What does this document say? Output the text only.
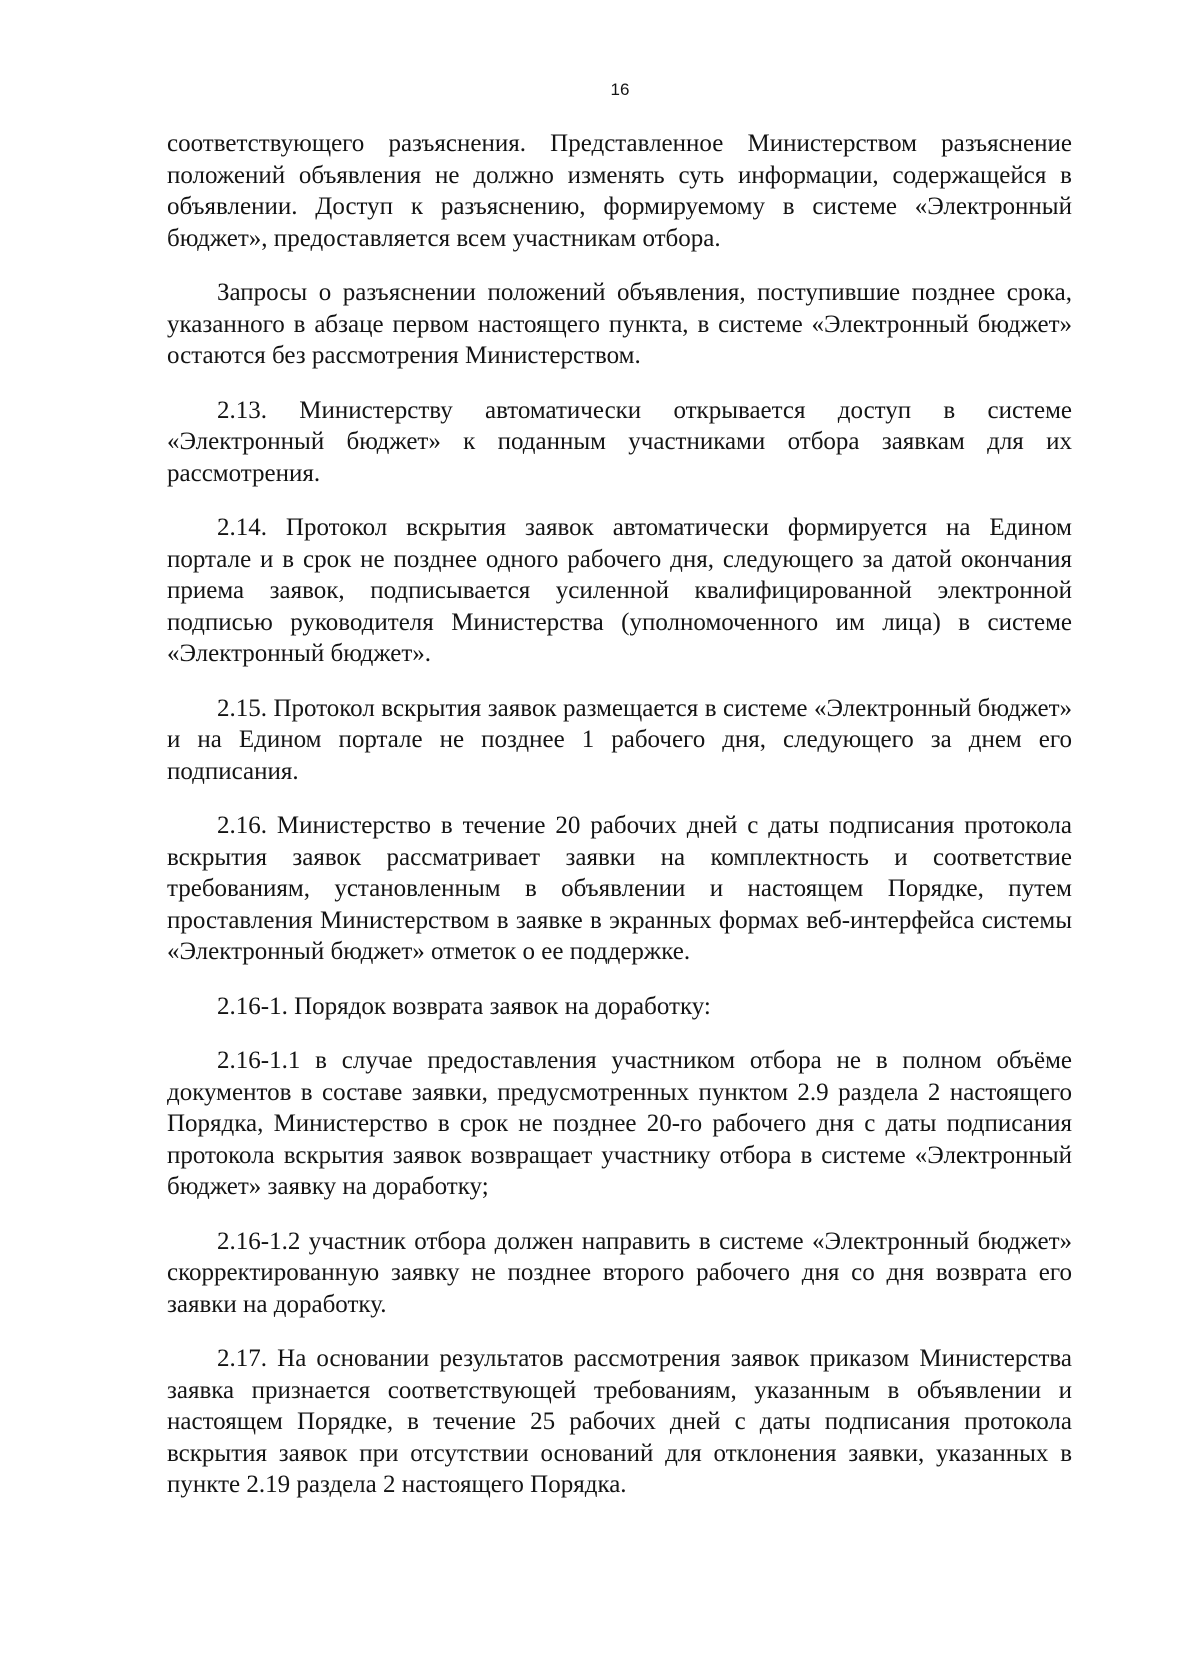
16

соответствующего разъяснения. Представленное Министерством разъяснение положений объявления не должно изменять суть информации, содержащейся в объявлении. Доступ к разъяснению, формируемому в системе «Электронный бюджет», предоставляется всем участникам отбора.

Запросы о разъяснении положений объявления, поступившие позднее срока, указанного в абзаце первом настоящего пункта, в системе «Электронный бюджет» остаются без рассмотрения Министерством.

2.13. Министерству автоматически открывается доступ в системе «Электронный бюджет» к поданным участниками отбора заявкам для их рассмотрения.

2.14. Протокол вскрытия заявок автоматически формируется на Едином портале и в срок не позднее одного рабочего дня, следующего за датой окончания приема заявок, подписывается усиленной квалифицированной электронной подписью руководителя Министерства (уполномоченного им лица) в системе «Электронный бюджет».

2.15. Протокол вскрытия заявок размещается в системе «Электронный бюджет» и на Едином портале не позднее 1 рабочего дня, следующего за днем его подписания.

2.16. Министерство в течение 20 рабочих дней с даты подписания протокола вскрытия заявок рассматривает заявки на комплектность и соответствие требованиям, установленным в объявлении и настоящем Порядке, путем проставления Министерством в заявке в экранных формах веб-интерфейса системы «Электронный бюджет» отметок о ее поддержке.

2.16-1. Порядок возврата заявок на доработку:

2.16-1.1 в случае предоставления участником отбора не в полном объёме документов в составе заявки, предусмотренных пунктом 2.9 раздела 2 настоящего Порядка, Министерство в срок не позднее 20-го рабочего дня с даты подписания протокола вскрытия заявок возвращает участнику отбора в системе «Электронный бюджет» заявку на доработку;

2.16-1.2 участник отбора должен направить в системе «Электронный бюджет» скорректированную заявку не позднее второго рабочего дня со дня возврата его заявки на доработку.

2.17. На основании результатов рассмотрения заявок приказом Министерства заявка признается соответствующей требованиям, указанным в объявлении и настоящем Порядке, в течение 25 рабочих дней с даты подписания протокола вскрытия заявок при отсутствии оснований для отклонения заявки, указанных в пункте 2.19 раздела 2 настоящего Порядка.
